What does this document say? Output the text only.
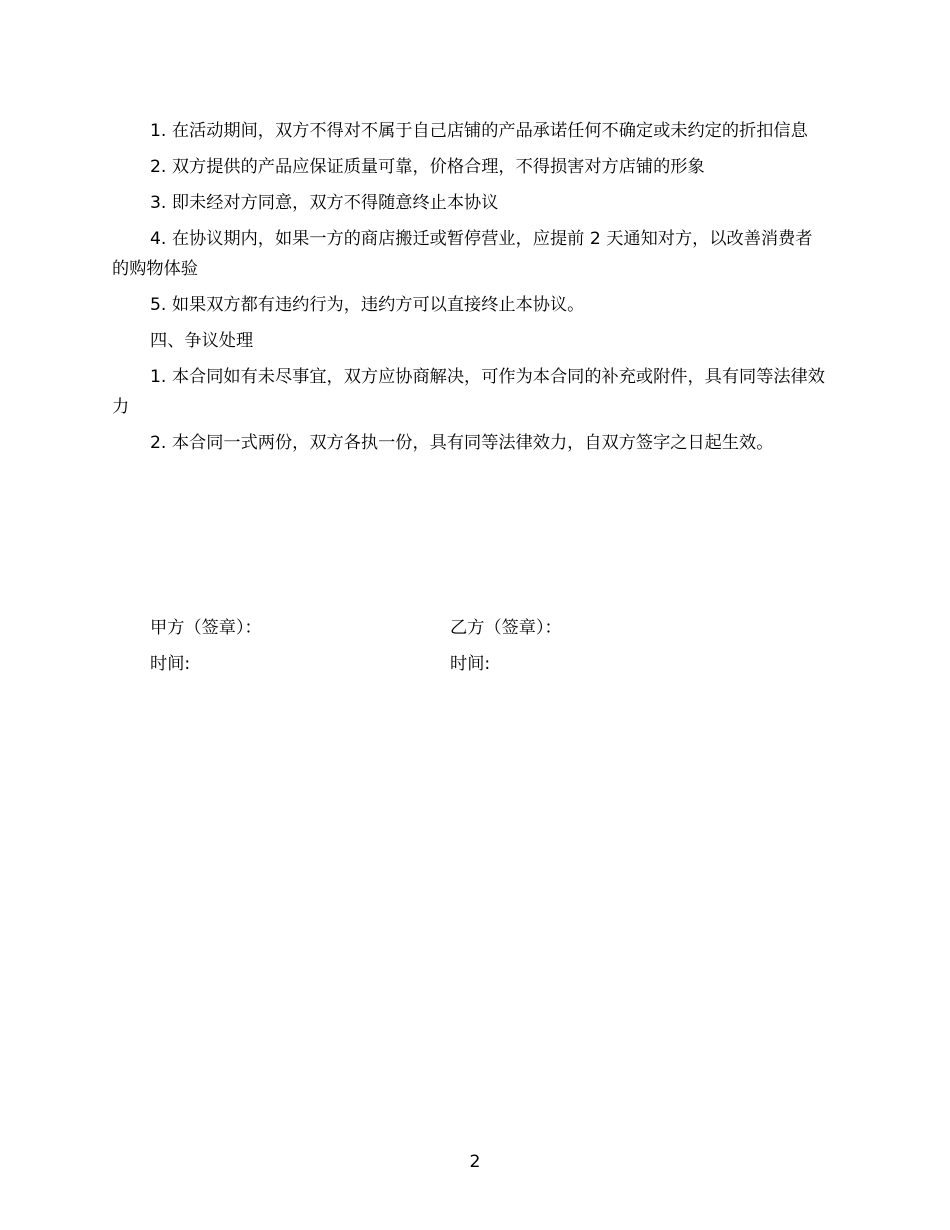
1. 在活动期间，双方不得对不属于自己店铺的产品承诺任何不确定或未约定的折扣信息

2. 双方提供的产品应保证质量可靠，价格合理，不得损害对方店铺的形象

3. 即未经对方同意，双方不得随意终止本协议

4. 在协议期内，如果一方的商店搬迁或暂停营业，应提前 2 天通知对方，以改善消费者的购物体验

5. 如果双方都有违约行为，违约方可以直接终止本协议。

四、争议处理

1. 本合同如有未尽事宜，双方应协商解决，可作为本合同的补充或附件，具有同等法律效力

2. 本合同一式两份，双方各执一份，具有同等法律效力，自双方签字之日起生效。

甲方（签章）：	乙方（签章）：
时间:	时间:
2
